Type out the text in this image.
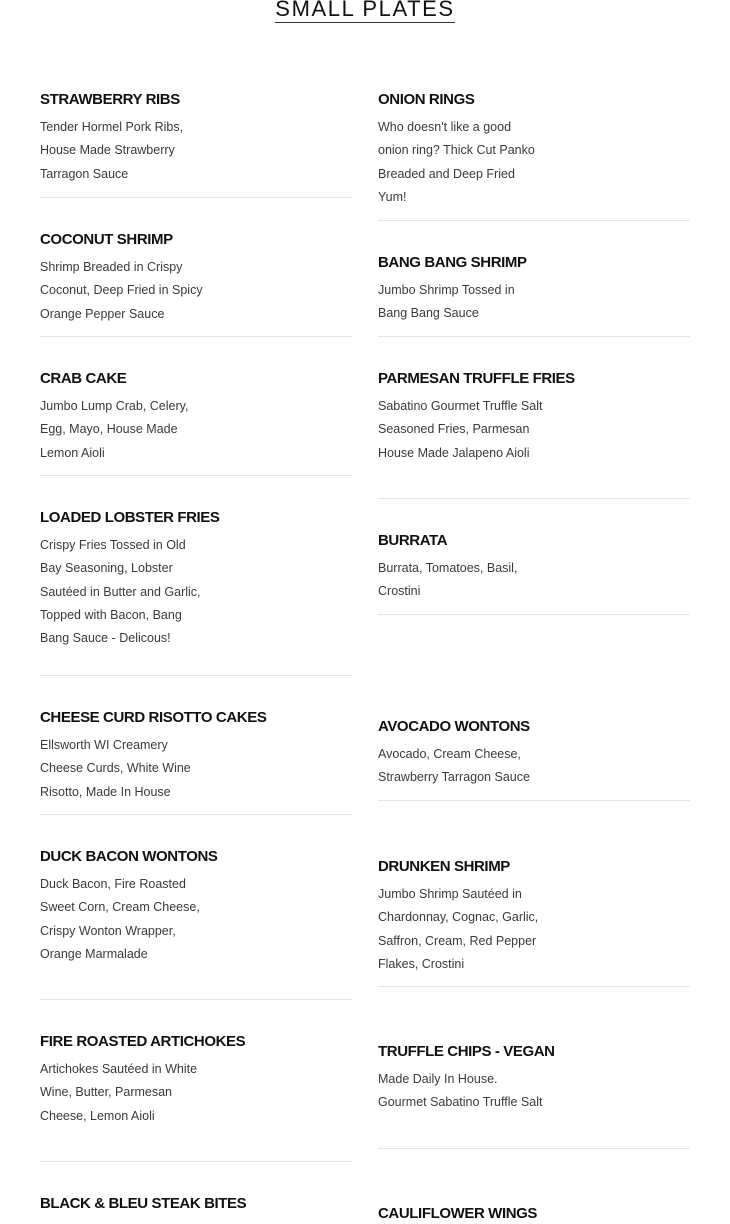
SMALL PLATES
STRAWBERRY RIBS

Tender Hormel Pork Ribs, House Made Strawberry Tarragon Sauce

COCONUT SHRIMP

Shrimp Breaded in Crispy Coconut, Deep Fried in Spicy Orange Pepper Sauce

CRAB CAKE

Jumbo Lump Crab, Celery, Egg, Mayo, House Made Lemon Aioli

LOADED LOBSTER FRIES

Crispy Fries Tossed in Old Bay Seasoning, Lobster Sautéed in Butter and Garlic, Topped with Bacon, Bang Bang Sauce - Delicous!

CHEESE CURD RISOTTO CAKES

Ellsworth WI Creamery Cheese Curds, White Wine Risotto, Made In House

DUCK BACON WONTONS

Duck Bacon, Fire Roasted Sweet Corn, Cream Cheese, Crispy Wonton Wrapper, Orange Marmalade

FIRE ROASTED ARTICHOKES

Artichokes Sautéed in White Wine, Butter, Parmesan Cheese, Lemon Aioli

BLACK & BLEU STEAK BITES
ONION RINGS

Who doesn't like a good onion ring? Thick Cut Panko Breaded and Deep Fried Yum!

BANG BANG SHRIMP

Jumbo Shrimp Tossed in Bang Bang Sauce

PARMESAN TRUFFLE FRIES

Sabatino Gourmet Truffle Salt Seasoned Fries, Parmesan House Made Jalapeno Aioli

BURRATA

Burrata, Tomatoes, Basil, Crostini

AVOCADO WONTONS

Avocado, Cream Cheese, Strawberry Tarragon Sauce

DRUNKEN SHRIMP

Jumbo Shrimp Sautéed in Chardonnay, Cognac, Garlic, Saffron, Cream, Red Pepper Flakes, Crostini

TRUFFLE CHIPS - VEGAN

Made Daily In House. Gourmet Sabatino Truffle Salt

CAULIFLOWER WINGS
